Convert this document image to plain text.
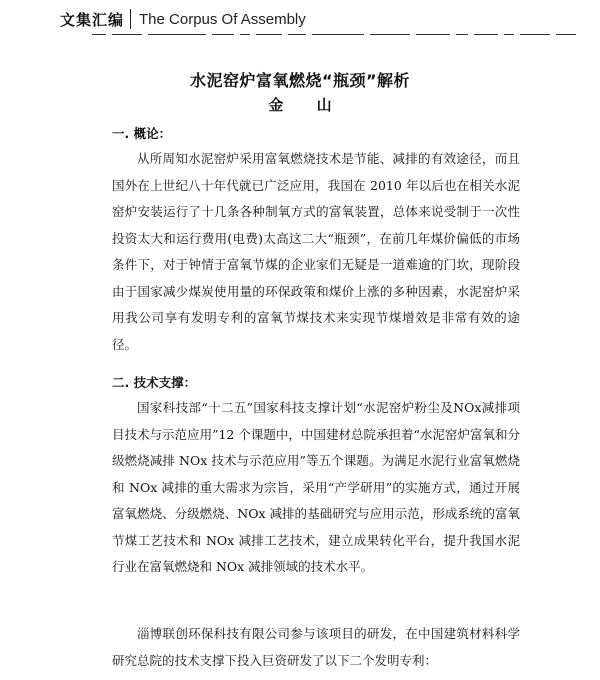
文集汇编 The Corpus Of Assembly
水泥窑炉富氧燃烧“瓶颈”解析
金 山
一. 概论：

从所周知水泥窑炉采用富氧燃烧技术是节能、减排的有效途径，而且国外在上世纪八十年代就已广泛应用，我国在 2010 年以后也在相关水泥窑炉安装运行了十几条各种制氧方式的富氧装置，总体来说受制于一次性投资太大和运行费用(电费)太高这二大“瓶颈”，在前几年煤价偏低的市场条件下，对于钟情于富氧节煤的企业家们无疑是一道难逾的门坎，现阶段由于国家减少煤炭使用量的环保政策和煤价上涨的多种因素，水泥窑炉采用我公司享有发明专利的富氧节煤技术来实现节煤增效是非常有效的途径。

二. 技术支撑：

国家科技部“十二五”国家科技支撑计划“水泥窑炉粉尘及NOx减排项目技术与示范应用”12 个课题中，中国建材总院承担着“水泥窑炉富氧和分级燃烧减排 NOx 技术与示范应用”等五个课题。为满足水泥行业富氧燃烧和 NOx 减排的重大需求为宗旨，采用“产学研用”的实施方式，通过开展富氧燃烧、分级燃烧、NOx 减排的基础研究与应用示范，形成系统的富氧节煤工艺技术和 NOx 减排工艺技术，建立成果转化平台，提升我国水泥行业在富氧燃烧和 NOx 减排领域的技术水平。

淄博联创环保科技有限公司参与该项目的研发，在中国建筑材料科学研究总院的技术支撑下投入巨资研发了以下二个发明专利：
